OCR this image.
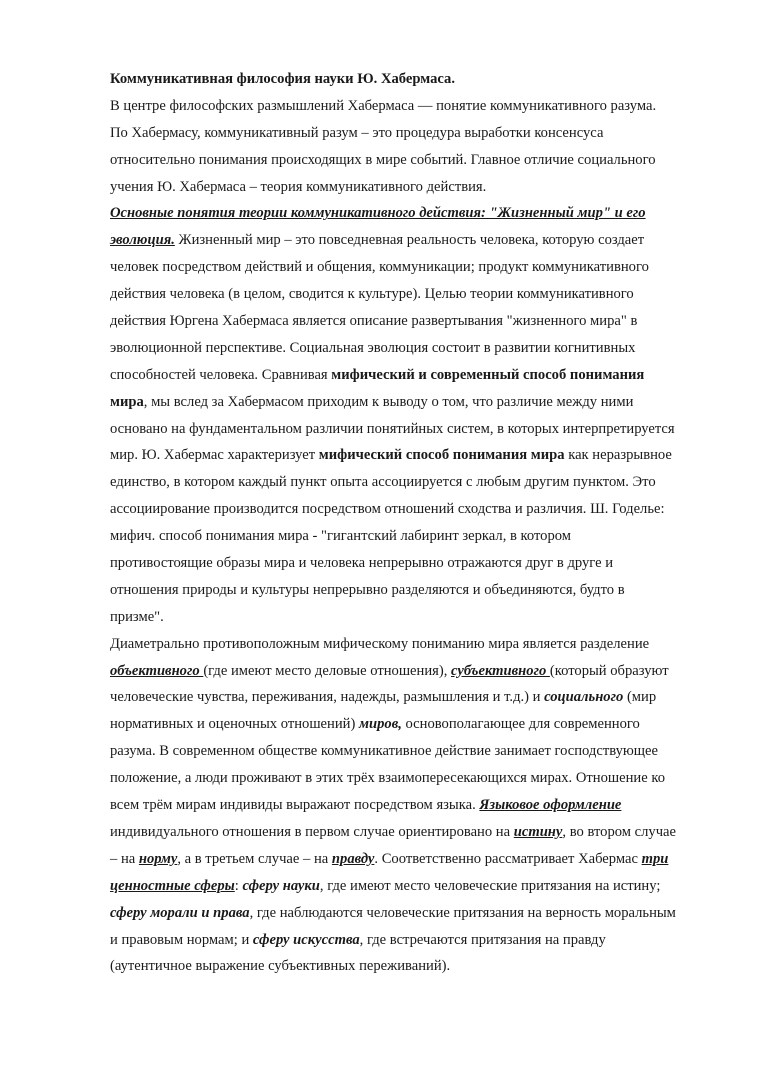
Коммуникативная философия науки Ю. Хабермаса.
В центре философских размышлений Хабермаса — понятие коммуникативного разума.
По Хабермасу, коммуникативный разум – это процедура выработки консенсуса
относительно понимания происходящих в мире событий. Главное отличие социального
учения Ю. Хабермаса – теория коммуникативного действия.
Основные понятия теории коммуникативного действия: "Жизненный мир" и его
эволюция. Жизненный мир – это повседневная реальность человека, которую создает
человек посредством действий и общения, коммуникации; продукт коммуникативного
действия человека (в целом, сводится к культуре). Целью теории коммуникативного
действия Юргена Хабермаса является описание развертывания "жизненного мира" в
эволюционной перспективе. Социальная эволюция состоит в развитии когнитивных
способностей человека. Сравнивая мифический и современный способ понимания
мира, мы вслед за Хабермасом приходим к выводу о том, что различие между ними
основано на фундаментальном различии понятийных систем, в которых интерпретируется
мир. Ю. Хабермас характеризует мифический способ понимания мира как неразрывное
единство, в котором каждый пункт опыта ассоциируется с любым другим пунктом. Это
ассоциирование производится посредством отношений сходства и различия. Ш. Годелье:
мифич. способ понимания мира - "гигантский лабиринт зеркал, в котором
противостоящие образы мира и человека непрерывно отражаются друг в друге и
отношения природы и культуры непрерывно разделяются и объединяются, будто в
призме".
Диаметрально противоположным мифическому пониманию мира является разделение
объективного (где имеют место деловые отношения), субъективного (который образуют
человеческие чувства, переживания, надежды, размышления и т.д.) и социального (мир
нормативных и оценочных отношений) миров, основополагающее для современного
разума. В современном обществе коммуникативное действие занимает господствующее
положение, а люди проживают в этих трёх взаимопересекающихся мирах. Отношение ко
всем трём мирам индивиды выражают посредством языка. Языковое оформление
индивидуального отношения в первом случае ориентировано на истину, во втором случае
– на норму, а в третьем случае – на правду. Соответственно рассматривает Хабермас три
ценностные сферы: сферу науки, где имеют место человеческие притязания на истину;
сферу морали и права, где наблюдаются человеческие притязания на верность моральным
и правовым нормам; и сферу искусства, где встречаются притязания на правду
(аутентичное выражение субъективных переживаний).
